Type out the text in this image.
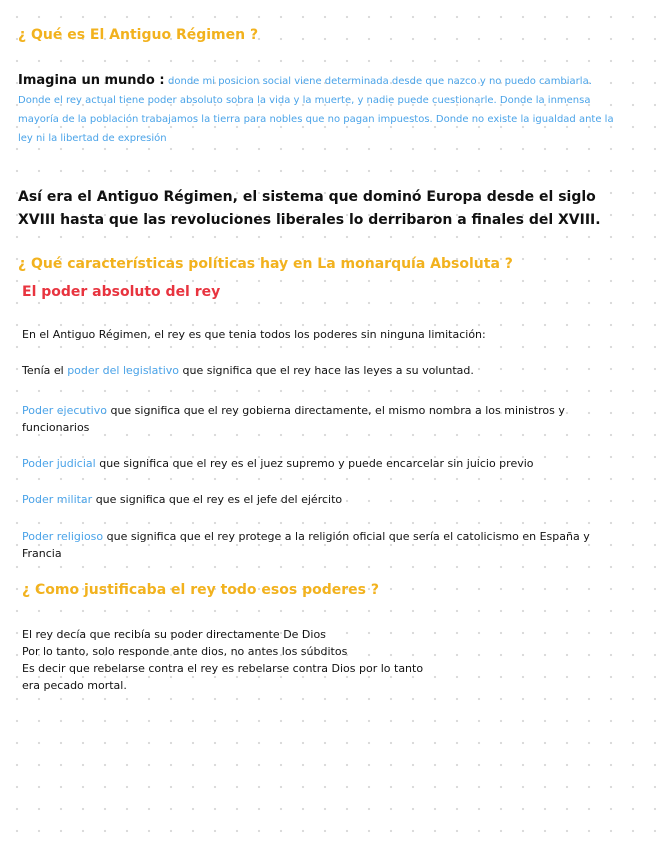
¿ Qué es El Antiguo Régimen ?
Imagina un mundo : donde mi posicion social viene determinada desde que nazco y no puedo cambiarla.
Donde el rey actual tiene poder absoluto sobra la vida y la muerte, y nadie puede cuestionarle. Donde la inmensa mayoría de la población trabajamos la tierra para nobles que no pagan impuestos. Donde no existe la igualdad ante la ley ni la libertad de expresión
Así era el Antiguo Régimen, el sistema que dominó Europa desde el siglo XVIII hasta que las revoluciones liberales lo derribaron a finales del XVIII.
¿ Qué características políticas hay en La monarquía Absoluta ?
El poder absoluto del rey
En el Antiguo Régimen, el rey es que tenia todos los poderes sin ninguna limitación:
Tenía el poder del legislativo que significa que el rey hace las leyes a su voluntad.
Poder ejecutivo que significa que el rey gobierna directamente, el mismo nombra a los ministros y funcionarios
Poder judicial que significa que el rey es el juez supremo y puede encarcelar sin juicio previo
Poder militar que significa que el rey es el jefe del ejército
Poder religioso que significa que el rey protege a la religión oficial que sería el catolicismo en España y Francia
¿ Como justificaba el rey todo esos poderes ?
El rey decía que recibía su poder directamente De Dios
Por lo tanto, solo responde ante dios, no antes los súbditos
Es decir que rebelarse contra el rey es rebelarse contra Dios por lo tanto
era pecado mortal.
